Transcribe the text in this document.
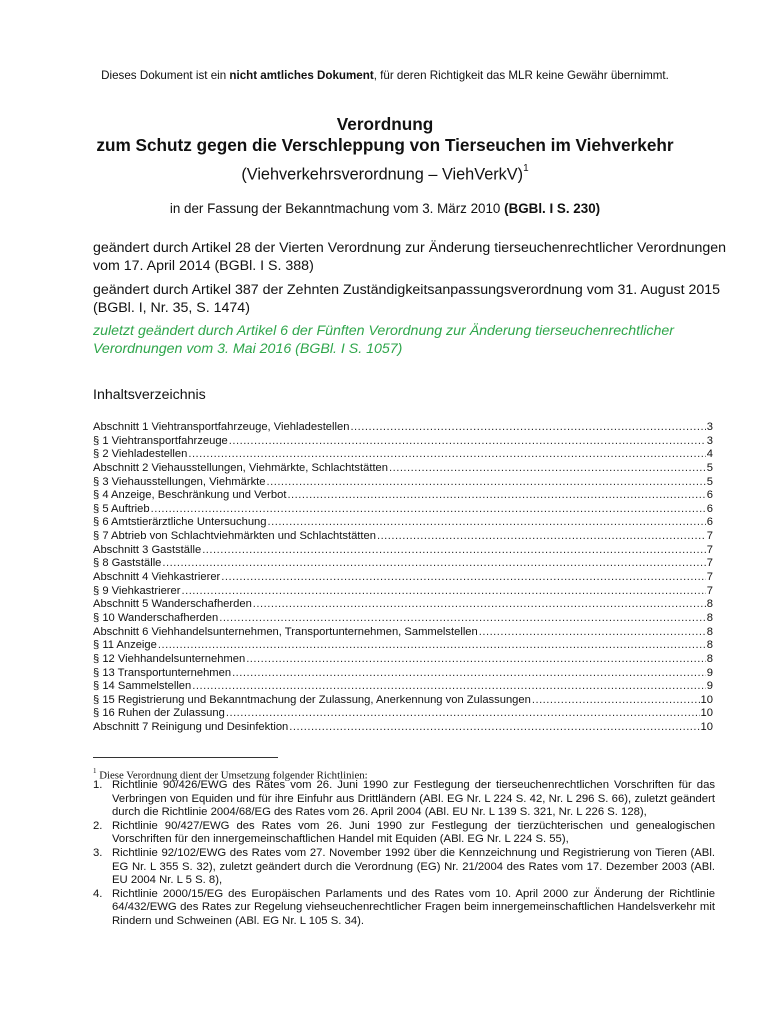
Dieses Dokument ist ein nicht amtliches Dokument, für deren Richtigkeit das MLR keine Gewähr übernimmt.
Verordnung
zum Schutz gegen die Verschleppung von Tierseuchen im Viehverkehr
(Viehverkehrsverordnung – ViehVerkV)$^1$
in der Fassung der Bekanntmachung vom 3. März 2010 (BGBl. I S. 230)
geändert durch Artikel 28 der Vierten Verordnung zur Änderung tierseuchenrechtlicher Verordnungen vom 17. April 2014 (BGBl. I S. 388)
geändert durch Artikel 387 der Zehnten Zuständigkeitsanpassungsverordnung vom 31. August 2015 (BGBl. I, Nr. 35, S. 1474)
zuletzt geändert durch Artikel 6 der Fünften Verordnung zur Änderung tierseuchenrechtlicher Verordnungen vom 3. Mai 2016 (BGBl. I S. 1057)
Inhaltsverzeichnis
Abschnitt 1 Viehtransportfahrzeuge, Viehladestellen .....	3
§ 1 Viehtransportfahrzeuge .....	3
§ 2 Viehladestellen .....	4
Abschnitt 2 Viehausstellungen, Viehmärkte, Schlachtstätten .....	5
§ 3 Viehausstellungen, Viehmärkte .....	5
§ 4 Anzeige, Beschränkung und Verbot .....	6
§ 5 Auftrieb .....	6
§ 6 Amtstierärztliche Untersuchung .....	6
§ 7 Abtrieb von Schlachtviehmärkten und Schlachtstätten .....	7
Abschnitt 3 Gastställe .....	7
§ 8 Gastställe .....	7
Abschnitt 4 Viehkastrierer .....	7
§ 9 Viehkastrierer .....	7
Abschnitt 5 Wanderschafherden .....	8
§ 10 Wanderschafherden .....	8
Abschnitt 6 Viehhandelsunternehmen, Transportunternehmen, Sammelstellen .....	8
§ 11 Anzeige .....	8
§ 12 Viehhandelsunternehmen .....	8
§ 13 Transportunternehmen .....	9
§ 14 Sammelstellen .....	9
§ 15 Registrierung und Bekanntmachung der Zulassung, Anerkennung von Zulassungen .....	10
§ 16 Ruhen der Zulassung .....	10
Abschnitt 7 Reinigung und Desinfektion .....	10
$^1$ Diese Verordnung dient der Umsetzung folgender Richtlinien:
1. Richtlinie 90/426/EWG des Rates vom 26. Juni 1990 zur Festlegung der tierseuchenrechtlichen Vorschriften für das Verbringen von Equiden und für ihre Einfuhr aus Drittländern (ABl. EG Nr. L 224 S. 42, Nr. L 296 S. 66), zuletzt geändert durch die Richtlinie 2004/68/EG des Rates vom 26. April 2004 (ABl. EU Nr. L 139 S. 321, Nr. L 226 S. 128),
2. Richtlinie 90/427/EWG des Rates vom 26. Juni 1990 zur Festlegung der tierzüchterischen und genealogischen Vorschriften für den innergemeinschaftlichen Handel mit Equiden (ABl. EG Nr. L 224 S. 55),
3. Richtlinie 92/102/EWG des Rates vom 27. November 1992 über die Kennzeichnung und Registrierung von Tieren (ABl. EG Nr. L 355 S. 32), zuletzt geändert durch die Verordnung (EG) Nr. 21/2004 des Rates vom 17. Dezember 2003 (ABl. EU 2004 Nr. L 5 S. 8),
4. Richtlinie 2000/15/EG des Europäischen Parlaments und des Rates vom 10. April 2000 zur Änderung der Richtlinie 64/432/EWG des Rates zur Regelung viehseuchenrechtlicher Fragen beim innergemeinschaftlichen Handelsverkehr mit Rindern und Schweinen (ABl. EG Nr. L 105 S. 34).
